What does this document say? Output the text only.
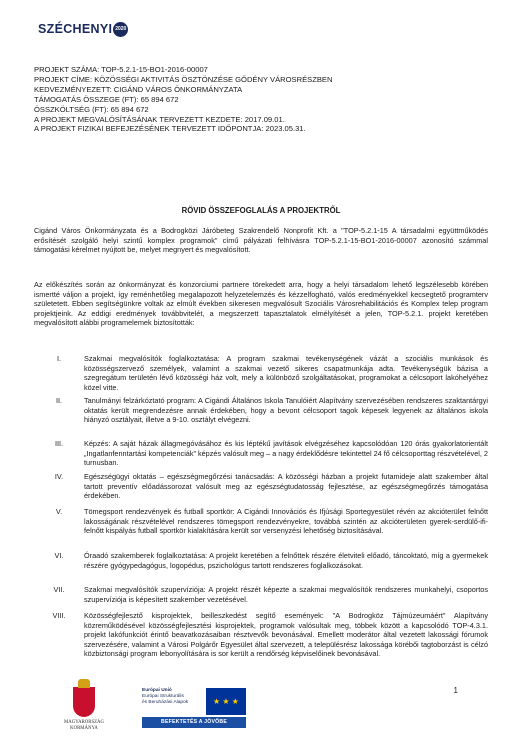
SZÉCHENYI 2020
PROJEKT SZÁMA: TOP-5.2.1-15-BO1-2016-00007
PROJEKT CÍME: KÖZÖSSÉGI AKTIVITÁS ÖSZTÖNZÉSE GŐDÉNY VÁROSRÉSZBEN
KEDVEZMÉNYEZETT: CIGÁND VÁROS ÖNKORMÁNYZATA
TÁMOGATÁS ÖSSZEGE (FT): 65 894 672
ÖSSZKÖLTSÉG (FT): 65 894 672
A PROJEKT MEGVALÓSÍTÁSÁNAK TERVEZETT KEZDETE: 2017.09.01.
A PROJEKT FIZIKAI BEFEJEZÉSÉNEK TERVEZETT IDŐPONTJA: 2023.05.31.
RÖVID ÖSSZEFOGLALÁS A PROJEKTRŐL
Cigánd Város Önkormányzata és a Bodrogközi Járóbeteg Szakrendelő Nonprofit Kft. a "TOP-5.2.1-15 A társadalmi együttműködés erősítését szolgáló helyi szintű komplex programok" című pályázati felhívásra TOP-5.2.1-15-BO1-2016-00007 azonosító számmal támogatási kérelmet nyújtott be, melyet megnyert és megvalósított.
Az előkészítés során az önkormányzat és konzorciumi partnere törekedett arra, hogy a helyi társadalom lehető legszélesebb körében ismertté váljon a projekt, így reménhetőleg megalapozott helyzetelemzés és kézzelfogható, valós eredményekkel kecsegtető programterv születetett. Ebben segítségünkre voltak az elmúlt években sikeresen megvalósult Szociális Városrehabilitációs és Komplex telep program projektjeink. Az eddigi eredmények továbbvitelét, a megszerzett tapasztalatok elmélyítését a jelen, TOP-5.2.1. projekt keretében megvalósított alábbi programelemek biztosították:
I.	Szakmai megvalósítók foglalkoztatása: A program szakmai tevékenységének vázát a szociális munkások és közösségszervező személyek, valamint a szakmai vezető sikeres csapatmunkája adta. Tevékenységük bázisa a szegregátum területén lévő közösségi ház volt, mely a különböző szolgáltatásokat, programokat a célcsoport lakóhelyéhez közel vitte.
II.	Tanulmányi felzárkóztató program: A Cigándi Általános Iskola Tanulóiért Alapítvány szervezésében rendszeres szaktantárgyi oktatás került megrendezésre annak érdekében, hogy a bevont célcsoport tagok képesek legyenek az általános iskola hiányzó osztályait, illetve a 9-10. osztályt elvégezni.
III.	Képzés: A saját házak állagmegóvásához és kis léptékű javítások elvégzéséhez kapcsolódóan 120 órás gyakorlatorientált „Ingatlanfenntartási kompetenciák” képzés valósult meg – a nagy érdeklődésre tekintettel 24 fő célcsoporttag részvételével, 2 turnusban.
IV.	Egészségügyi oktatás – egészségmegőrzési tanácsadás: A közösségi házban a projekt futamideje alatt szakember által tartott preventív előadássorozat valósult meg az egészségtudatosság fejlesztése, az egészségmegőrzés támogatása érdekében.
V.	Tömegsport rendezvények és futball sportkör: A Cigándi Innovációs és Ifjúsági Sportegyesület révén az akcióterület felnőtt lakosságának részvételével rendszeres tömegsport rendezvényekre, továbbá szintén az akcióterületen gyerek-serdülő-ifi-felnőtt kispályás futball sportkör kialakítására került sor versenyzési lehetőség biztosításával.
VI.	Óraadó szakemberek foglalkoztatása: A projekt keretében a felnőttek részére életviteli előadó, táncoktató, míg a gyermekek részére gyógypedagógus, logopédus, pszichológus tartott rendszeres foglalkozásokat.
VII.	Szakmai megvalósítók szupervíziója: A projekt részét képezte a szakmai megvalósítók rendszeres munkahelyi, csoportos szupervíziója is képesített szakember vezetésével.
VIII.	Közösségfejlesztő kisprojektek, beilleszkedést segítő események: "A Bodrogköz Tájmúzeumáért" Alapítvány közreműködésével közösségfejlesztési kisprojektek, programok valósultak meg, többek között a kapcsolódó TOP-4.3.1. projekt lakófunkciót érintő beavatkozásaiban résztvevők bevonásával. Emellett moderátor által vezetett lakossági fórumok szervezésére, valamint a Városi Polgárőr Egyesület által szervezett, a településrész lakossága körébői tagtoborzást is célzó közbiztonsági program lebonyolítására is sor került a rendőrség képviselőinek bevonásával.
1
MAGYARORSZÁG
KORMÁNYA
Európai Unió
Európai Strukturális
és Beruházási Alapok	★ ★ ★
BEFEKTETÉS A JÖVŐBE
